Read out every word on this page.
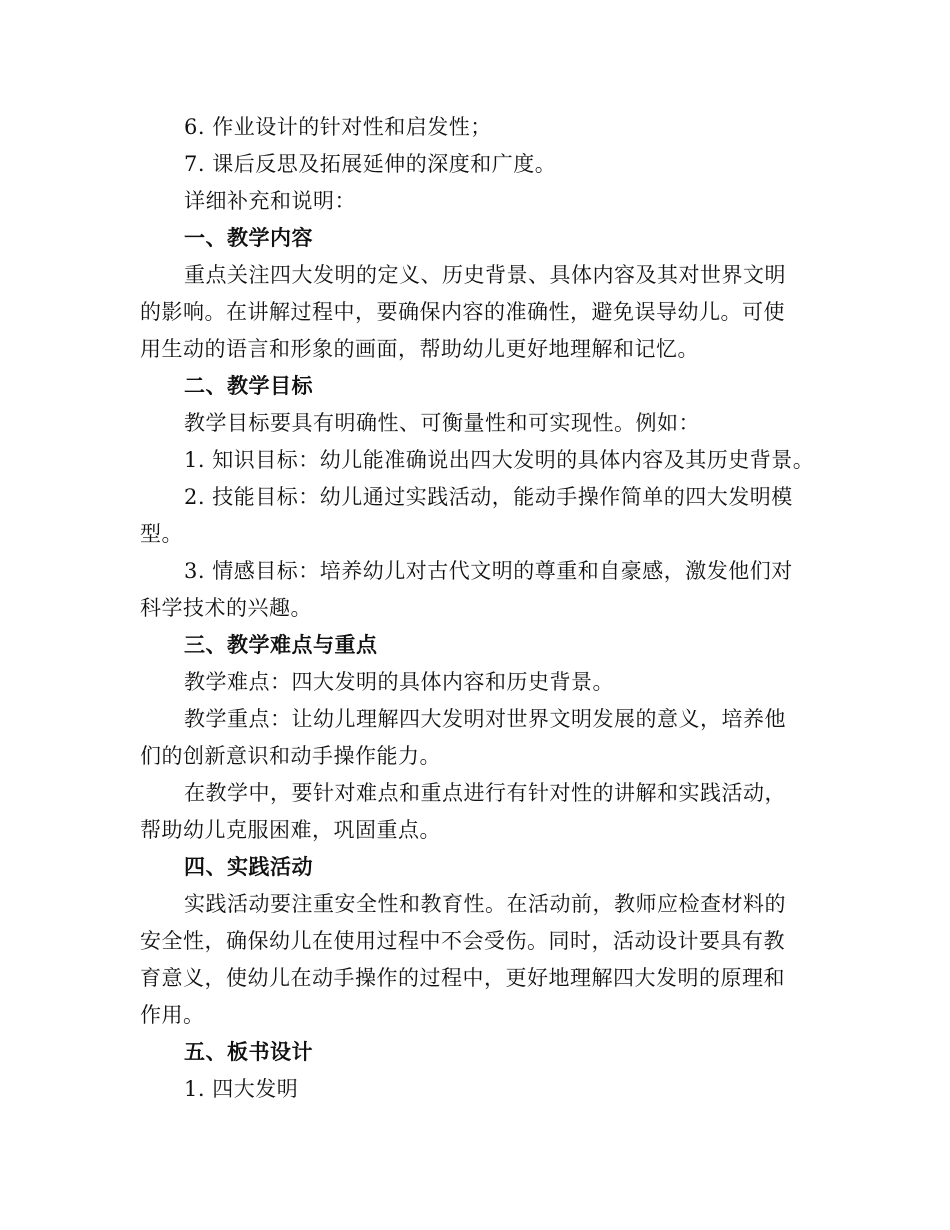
6. 作业设计的针对性和启发性；
7. 课后反思及拓展延伸的深度和广度。
详细补充和说明：
一、教学内容
重点关注四大发明的定义、历史背景、具体内容及其对世界文明
的影响。在讲解过程中，要确保内容的准确性，避免误导幼儿。可使
用生动的语言和形象的画面，帮助幼儿更好地理解和记忆。
二、教学目标
教学目标要具有明确性、可衡量性和可实现性。例如：
1. 知识目标：幼儿能准确说出四大发明的具体内容及其历史背景。
2. 技能目标：幼儿通过实践活动，能动手操作简单的四大发明模
型。
3. 情感目标：培养幼儿对古代文明的尊重和自豪感，激发他们对
科学技术的兴趣。
三、教学难点与重点
教学难点：四大发明的具体内容和历史背景。
教学重点：让幼儿理解四大发明对世界文明发展的意义，培养他
们的创新意识和动手操作能力。
在教学中，要针对难点和重点进行有针对性的讲解和实践活动，
帮助幼儿克服困难，巩固重点。
四、实践活动
实践活动要注重安全性和教育性。在活动前，教师应检查材料的
安全性，确保幼儿在使用过程中不会受伤。同时，活动设计要具有教
育意义，使幼儿在动手操作的过程中，更好地理解四大发明的原理和
作用。
五、板书设计
1. 四大发明
